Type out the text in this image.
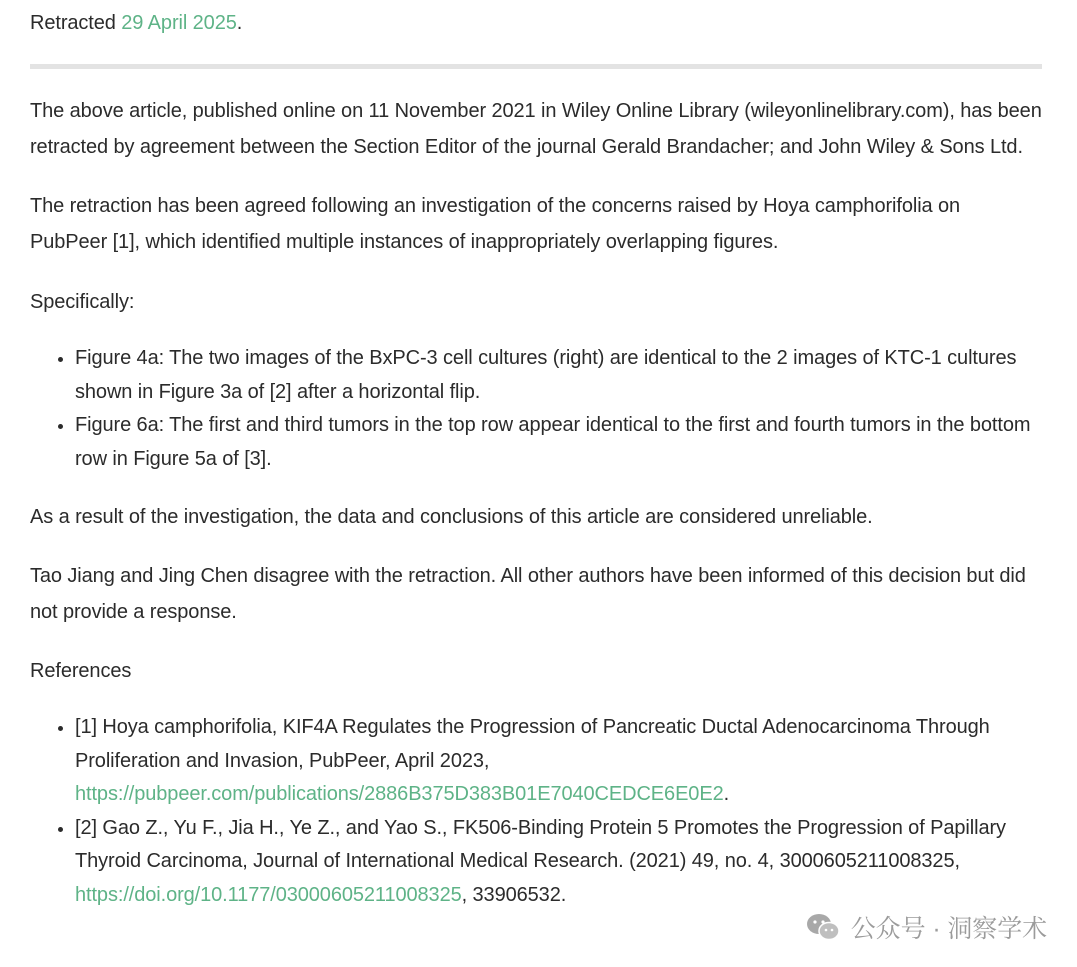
Retracted 29 April 2025.

The above article, published online on 11 November 2021 in Wiley Online Library (wileyonlinelibrary.com), has been retracted by agreement between the Section Editor of the journal Gerald Brandacher; and John Wiley & Sons Ltd.

The retraction has been agreed following an investigation of the concerns raised by Hoya camphorifolia on PubPeer [1], which identified multiple instances of inappropriately overlapping figures.

Specifically:

• Figure 4a: The two images of the BxPC-3 cell cultures (right) are identical to the 2 images of KTC-1 cultures shown in Figure 3a of [2] after a horizontal flip.
• Figure 6a: The first and third tumors in the top row appear identical to the first and fourth tumors in the bottom row in Figure 5a of [3].

As a result of the investigation, the data and conclusions of this article are considered unreliable.

Tao Jiang and Jing Chen disagree with the retraction. All other authors have been informed of this decision but did not provide a response.

References

• [1] Hoya camphorifolia, KIF4A Regulates the Progression of Pancreatic Ductal Adenocarcinoma Through Proliferation and Invasion, PubPeer, April 2023, https://pubpeer.com/publications/2886B375D383B01E7040CEDCE6E0E2.
• [2] Gao Z., Yu F., Jia H., Ye Z., and Yao S., FK506-Binding Protein 5 Promotes the Progression of Papillary Thyroid Carcinoma, Journal of International Medical Research. (2021) 49, no. 4, 3000605211008325, https://doi.org/10.1177/03000605211008325, 33906532.
公众号 · 洞察学术
